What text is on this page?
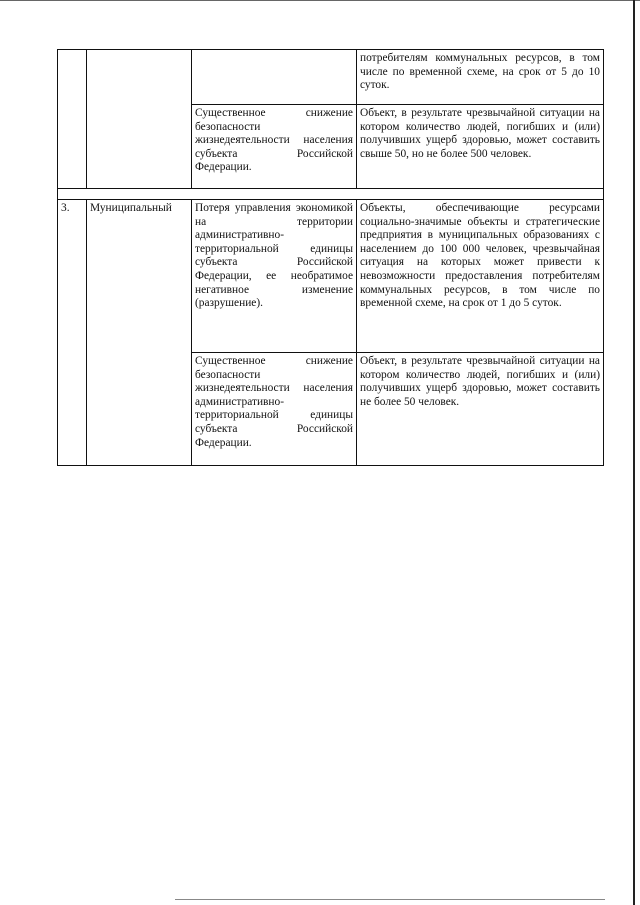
			потребителям коммунальных ресурсов, в том числе по временной схеме, на срок от 5 до 10 суток.

		Существенное снижение безопасности жизнедеятельности населения субъекта Российской Федерации.	Объект, в результате чрезвычайной ситуации на котором количество людей, погибших и (или) получивших ущерб здоровью, может составить свыше 50, но не более 500 человек.

3.	Муниципальный	Потеря управления экономикой на территории административно-территориальной единицы субъекта Российской Федерации, ее необратимое негативное изменение (разрушение).	Объекты, обеспечивающие ресурсами социально-значимые объекты и стратегические предприятия в муниципальных образованиях с населением до 100 000 человек, чрезвычайная ситуация на которых может привести к невозможности предоставления потребителям коммунальных ресурсов, в том числе по временной схеме, на срок от 1 до 5 суток.

		Существенное снижение безопасности жизнедеятельности населения административно-территориальной единицы субъекта Российской Федерации.	Объект, в результате чрезвычайной ситуации на котором количество людей, погибших и (или) получивших ущерб здоровью, может составить не более 50 человек.
